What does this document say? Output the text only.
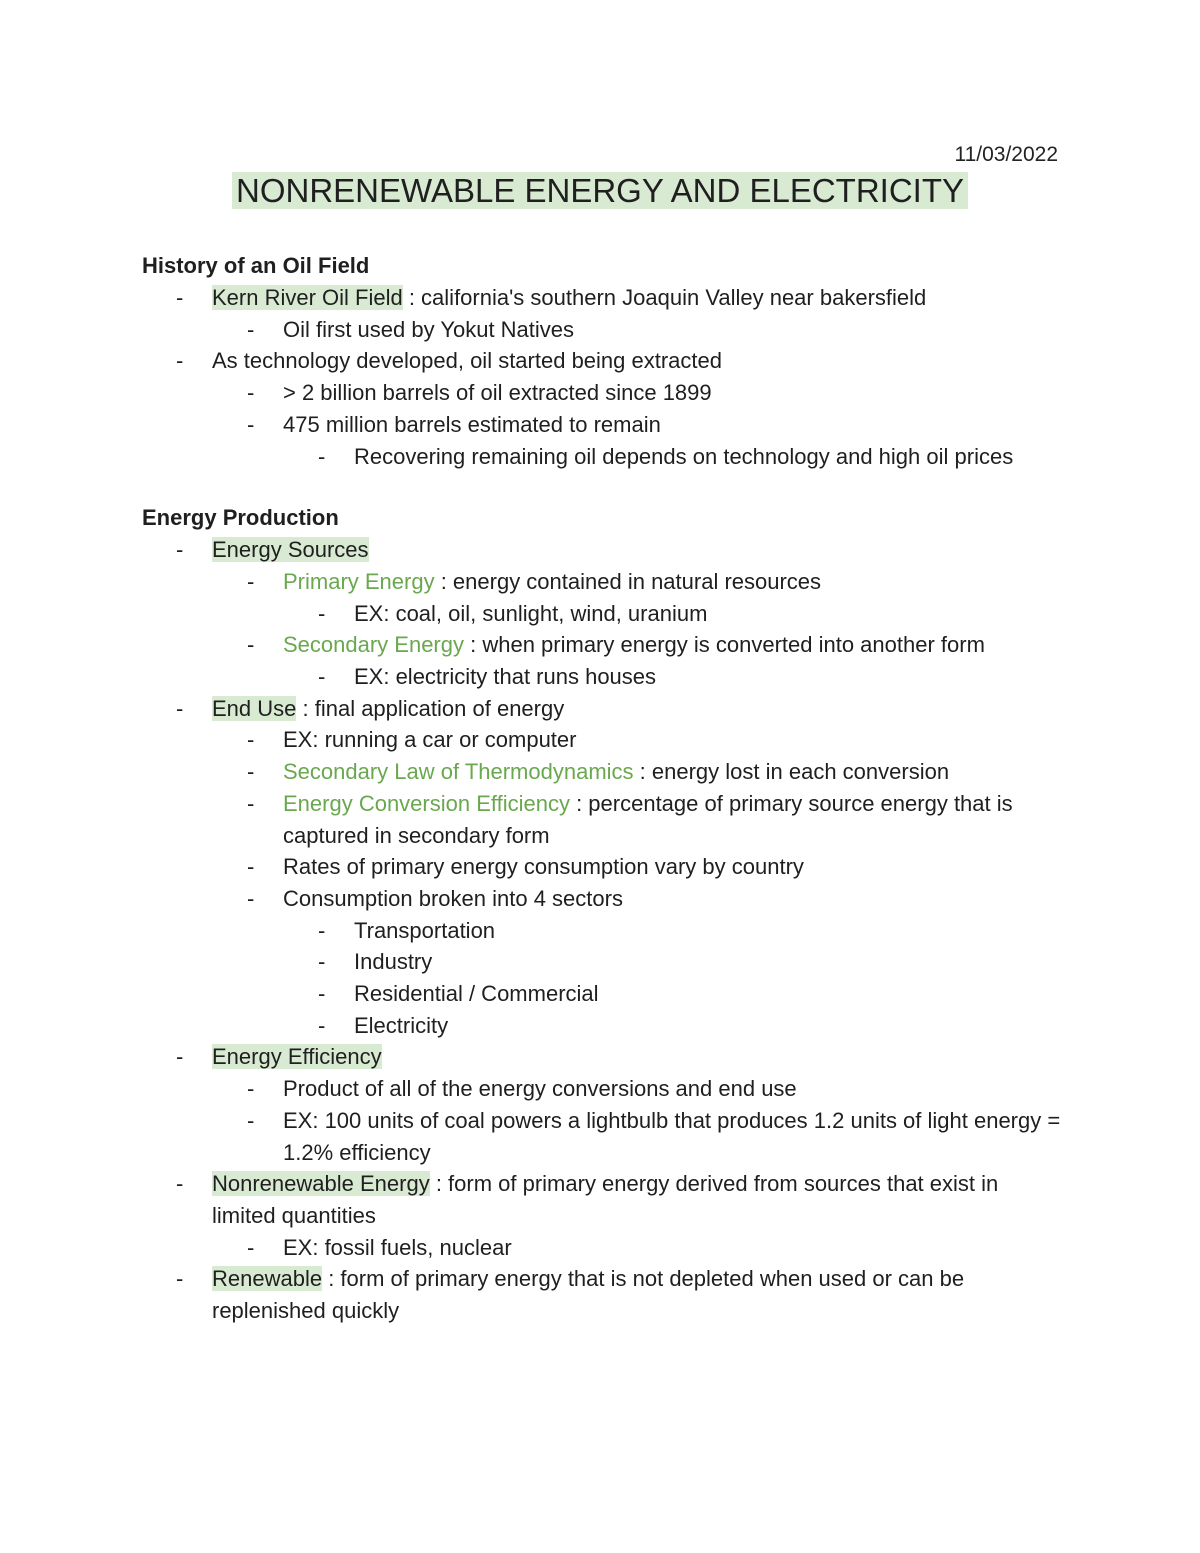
11/03/2022
NONRENEWABLE ENERGY AND ELECTRICITY
History of an Oil Field
- Kern River Oil Field : california's southern Joaquin Valley near bakersfield
- Oil first used by Yokut Natives
- As technology developed, oil started being extracted
- > 2 billion barrels of oil extracted since 1899
- 475 million barrels estimated to remain
- Recovering remaining oil depends on technology and high oil prices
Energy Production
- Energy Sources
- Primary Energy : energy contained in natural resources
- EX: coal, oil, sunlight, wind, uranium
- Secondary Energy : when primary energy is converted into another form
- EX: electricity that runs houses
- End Use : final application of energy
- EX: running a car or computer
- Secondary Law of Thermodynamics : energy lost in each conversion
- Energy Conversion Efficiency : percentage of primary source energy that is captured in secondary form
- Rates of primary energy consumption vary by country
- Consumption broken into 4 sectors
- Transportation
- Industry
- Residential / Commercial
- Electricity
- Energy Efficiency
- Product of all of the energy conversions and end use
- EX: 100 units of coal powers a lightbulb that produces 1.2 units of light energy = 1.2% efficiency
- Nonrenewable Energy : form of primary energy derived from sources that exist in limited quantities
- EX: fossil fuels, nuclear
- Renewable : form of primary energy that is not depleted when used or can be replenished quickly
